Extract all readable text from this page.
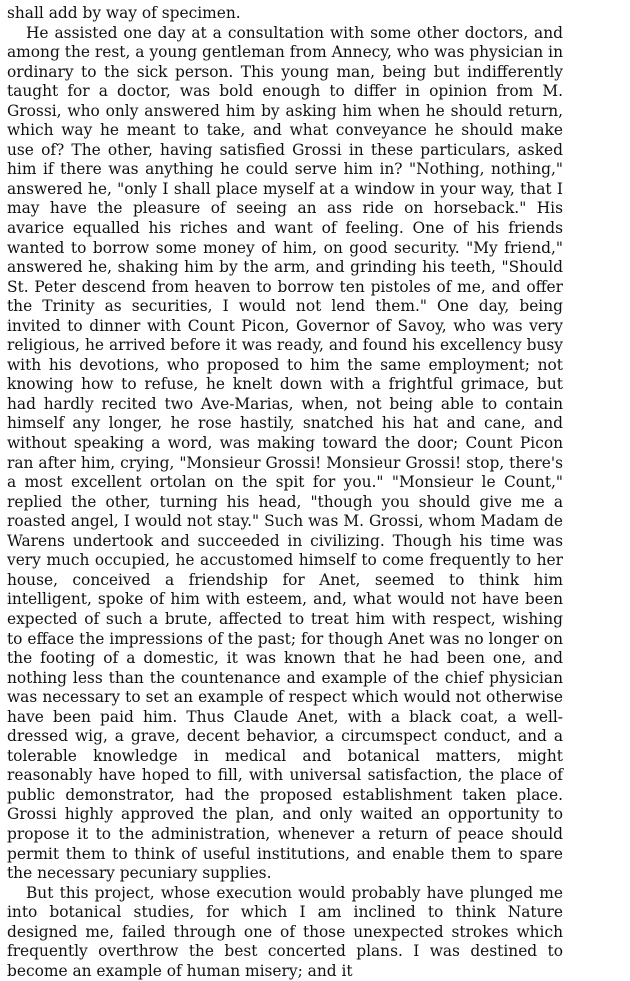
shall add by way of specimen.

He assisted one day at a consultation with some other doctors, and among the rest, a young gentleman from Annecy, who was physician in ordinary to the sick person. This young man, being but indifferently taught for a doctor, was bold enough to differ in opinion from M. Grossi, who only answered him by asking him when he should return, which way he meant to take, and what conveyance he should make use of? The other, having satisfied Grossi in these particulars, asked him if there was anything he could serve him in? "Nothing, nothing," answered he, "only I shall place myself at a window in your way, that I may have the pleasure of seeing an ass ride on horseback." His avarice equalled his riches and want of feeling. One of his friends wanted to borrow some money of him, on good security. "My friend," answered he, shaking him by the arm, and grinding his teeth, "Should St. Peter descend from heaven to borrow ten pistoles of me, and offer the Trinity as securities, I would not lend them." One day, being invited to dinner with Count Picon, Governor of Savoy, who was very religious, he arrived before it was ready, and found his excellency busy with his devotions, who proposed to him the same employment; not knowing how to refuse, he knelt down with a frightful grimace, but had hardly recited two Ave-Marias, when, not being able to contain himself any longer, he rose hastily, snatched his hat and cane, and without speaking a word, was making toward the door; Count Picon ran after him, crying, "Monsieur Grossi! Monsieur Grossi! stop, there's a most excellent ortolan on the spit for you." "Monsieur le Count," replied the other, turning his head, "though you should give me a roasted angel, I would not stay." Such was M. Grossi, whom Madam de Warens undertook and succeeded in civilizing. Though his time was very much occupied, he accustomed himself to come frequently to her house, conceived a friendship for Anet, seemed to think him intelligent, spoke of him with esteem, and, what would not have been expected of such a brute, affected to treat him with respect, wishing to efface the impressions of the past; for though Anet was no longer on the footing of a domestic, it was known that he had been one, and nothing less than the countenance and example of the chief physician was necessary to set an example of respect which would not otherwise have been paid him. Thus Claude Anet, with a black coat, a well-dressed wig, a grave, decent behavior, a circumspect conduct, and a tolerable knowledge in medical and botanical matters, might reasonably have hoped to fill, with universal satisfaction, the place of public demonstrator, had the proposed establishment taken place. Grossi highly approved the plan, and only waited an opportunity to propose it to the administration, whenever a return of peace should permit them to think of useful institutions, and enable them to spare the necessary pecuniary supplies.

But this project, whose execution would probably have plunged me into botanical studies, for which I am inclined to think Nature designed me, failed through one of those unexpected strokes which frequently overthrow the best concerted plans. I was destined to become an example of human misery; and it
